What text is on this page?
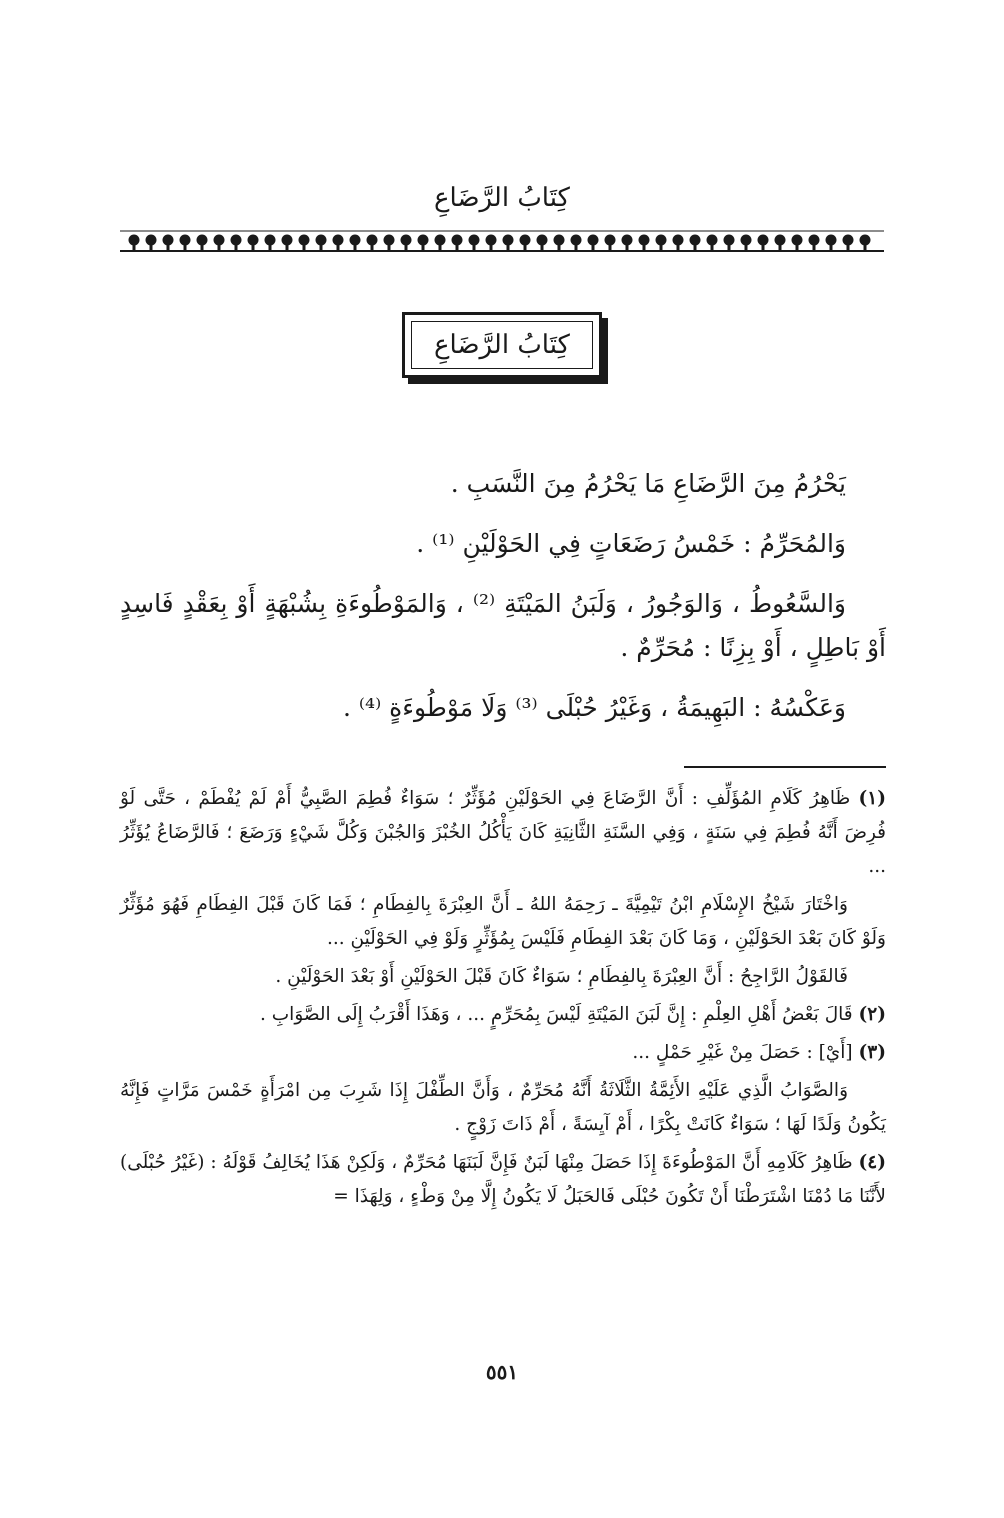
كِتَابُ الرَّضَاعِ
كِتَابُ الرَّضَاعِ

يَحْرُمُ مِنَ الرَّضَاعِ مَا يَحْرُمُ مِنَ النَّسَبِ .

وَالمُحَرِّمُ : خَمْسُ رَضَعَاتٍ فِي الحَوْلَيْنِ ⁽¹⁾ .

وَالسَّعُوطُ ، وَالوَجُورُ ، وَلَبَنُ المَيْتَةِ ⁽²⁾ ، وَالمَوْطُوءَةِ بِشُبْهَةٍ أَوْ بِعَقْدٍ فَاسِدٍ أَوْ بَاطِلٍ ، أَوْ بِزِنًا : مُحَرِّمٌ .

وَعَكْسُهُ : البَهِيمَةُ ، وَغَيْرُ حُبْلَى ⁽³⁾ وَلَا مَوْطُوءَةٍ ⁽⁴⁾ .

(١) ظَاهِرُ كَلَامِ المُؤَلِّفِ : أَنَّ الرَّضَاعَ فِي الحَوْلَيْنِ مُؤَثِّرٌ ؛ سَوَاءٌ فُطِمَ الصَّبِيُّ أَمْ لَمْ يُفْطَمْ ، حَتَّى لَوْ فُرِضَ أَنَّهُ فُطِمَ فِي سَنَةٍ ، وَفِي السَّنَةِ الثَّانِيَةِ كَانَ يَأْكُلُ الخُبْزَ وَالجُبْنَ وَكُلَّ شَيْءٍ وَرَضَعَ ؛ فَالرَّضَاعُ يُؤَثِّرُ ...

وَاخْتَارَ شَيْخُ الإِسْلَامِ ابْنُ تَيْمِيَّةَ ـ رَحِمَهُ اللهُ ـ أَنَّ العِبْرَةَ بِالفِطَامِ ؛ فَمَا كَانَ قَبْلَ الفِطَامِ فَهُوَ مُؤَثِّرٌ وَلَوْ كَانَ بَعْدَ الحَوْلَيْنِ ، وَمَا كَانَ بَعْدَ الفِطَامِ فَلَيْسَ بِمُؤَثِّرٍ وَلَوْ فِي الحَوْلَيْنِ ...

فَالقَوْلُ الرَّاجِحُ : أَنَّ العِبْرَةَ بِالفِطَامِ ؛ سَوَاءٌ كَانَ قَبْلَ الحَوْلَيْنِ أَوْ بَعْدَ الحَوْلَيْنِ .

(٢) قَالَ بَعْضُ أَهْلِ العِلْمِ : إِنَّ لَبَنَ المَيْتَةِ لَيْسَ بِمُحَرِّمٍ ... ، وَهَذَا أَقْرَبُ إِلَى الصَّوَابِ .

(٣) [أَيْ] : حَصَلَ مِنْ غَيْرِ حَمْلٍ ...

وَالصَّوَابُ الَّذِي عَلَيْهِ الأَئِمَّةُ الثَّلَاثَةُ أَنَّهُ مُحَرِّمٌ ، وَأَنَّ الطِّفْلَ إِذَا شَرِبَ مِن امْرَأَةٍ خَمْسَ مَرَّاتٍ فَإِنَّهُ يَكُونُ وَلَدًا لَهَا ؛ سَوَاءٌ كَانَتْ بِكْرًا ، أَمْ آيِسَةً ، أَمْ ذَاتَ زَوْجٍ .

(٤) ظَاهِرُ كَلَامِهِ أَنَّ المَوْطُوءَةَ إِذَا حَصَلَ مِنْهَا لَبَنٌ فَإِنَّ لَبَنَهَا مُحَرِّمٌ ، وَلَكِنْ هَذَا يُخَالِفُ قَوْلَهُ : (غَيْرُ حُبْلَى) لأَنَّنَا مَا دُمْنَا اشْتَرَطْنَا أَنْ تَكُونَ حُبْلَى فَالحَبَلُ لَا يَكُونُ إِلَّا مِنْ وَطْءٍ ، وَلِهَذَا =

٥٥١
